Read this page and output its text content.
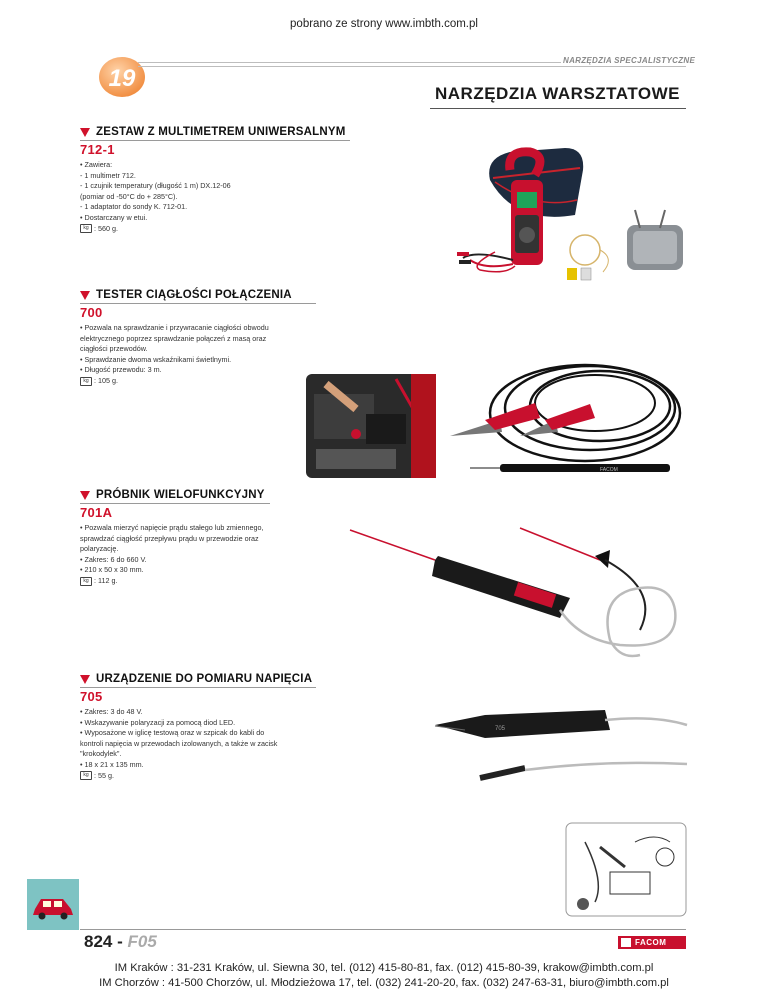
pobrano ze strony www.imbth.com.pl
19
NARZĘDZIA SPECJALISTYCZNE
NARZĘDZIA WARSZTATOWE
ZESTAW Z MULTIMETREM UNIWERSALNYM
712-1
• Zawiera:
- 1 multimetr 712.
- 1 czujnik temperatury (długość 1 m) DX.12-06
(pomiar od -50°C do + 285°C).
- 1 adaptator do sondy K. 712-01.
• Dostarczany w etui.
kg : 560 g.
TESTER CIĄGŁOŚCI POŁĄCZENIA
700
• Pozwala na sprawdzanie i przywracanie ciągłości obwodu
elektrycznego poprzez sprawdzanie połączeń z masą oraz
ciągłości przewodów.
• Sprawdzanie dwoma wskaźnikami świetlnymi.
• Długość przewodu: 3 m.
kg : 105 g.
FACOM
PRÓBNIK WIELOFUNKCYJNY
701A
• Pozwala mierzyć napięcie prądu stałego lub zmiennego,
sprawdzać ciągłość przepływu prądu w przewodzie oraz
polaryzację.
• Zakres: 6 do 660 V.
• 210 x 50 x 30 mm.
kg : 112 g.
URZĄDZENIE DO POMIARU NAPIĘCIA
705
• Zakres: 3 do 48 V.
• Wskazywanie polaryzacji za pomocą diod LED.
• Wyposażone w iglicę testową oraz w szpicak do kabli do
kontroli napięcia w przewodach izolowanych, a także w zacisk
"krokodylek".
• 18 x 21 x 135 mm.
kg : 55 g.
705
824 - F05	FACOM
IM Kraków : 31-231 Kraków, ul. Siewna 30, tel. (012) 415-80-81, fax. (012) 415-80-39, krakow@imbth.com.pl
IM Chorzów : 41-500 Chorzów, ul. Młodzieżowa 17, tel. (032) 241-20-20, fax. (032) 247-63-31, biuro@imbth.com.pl
